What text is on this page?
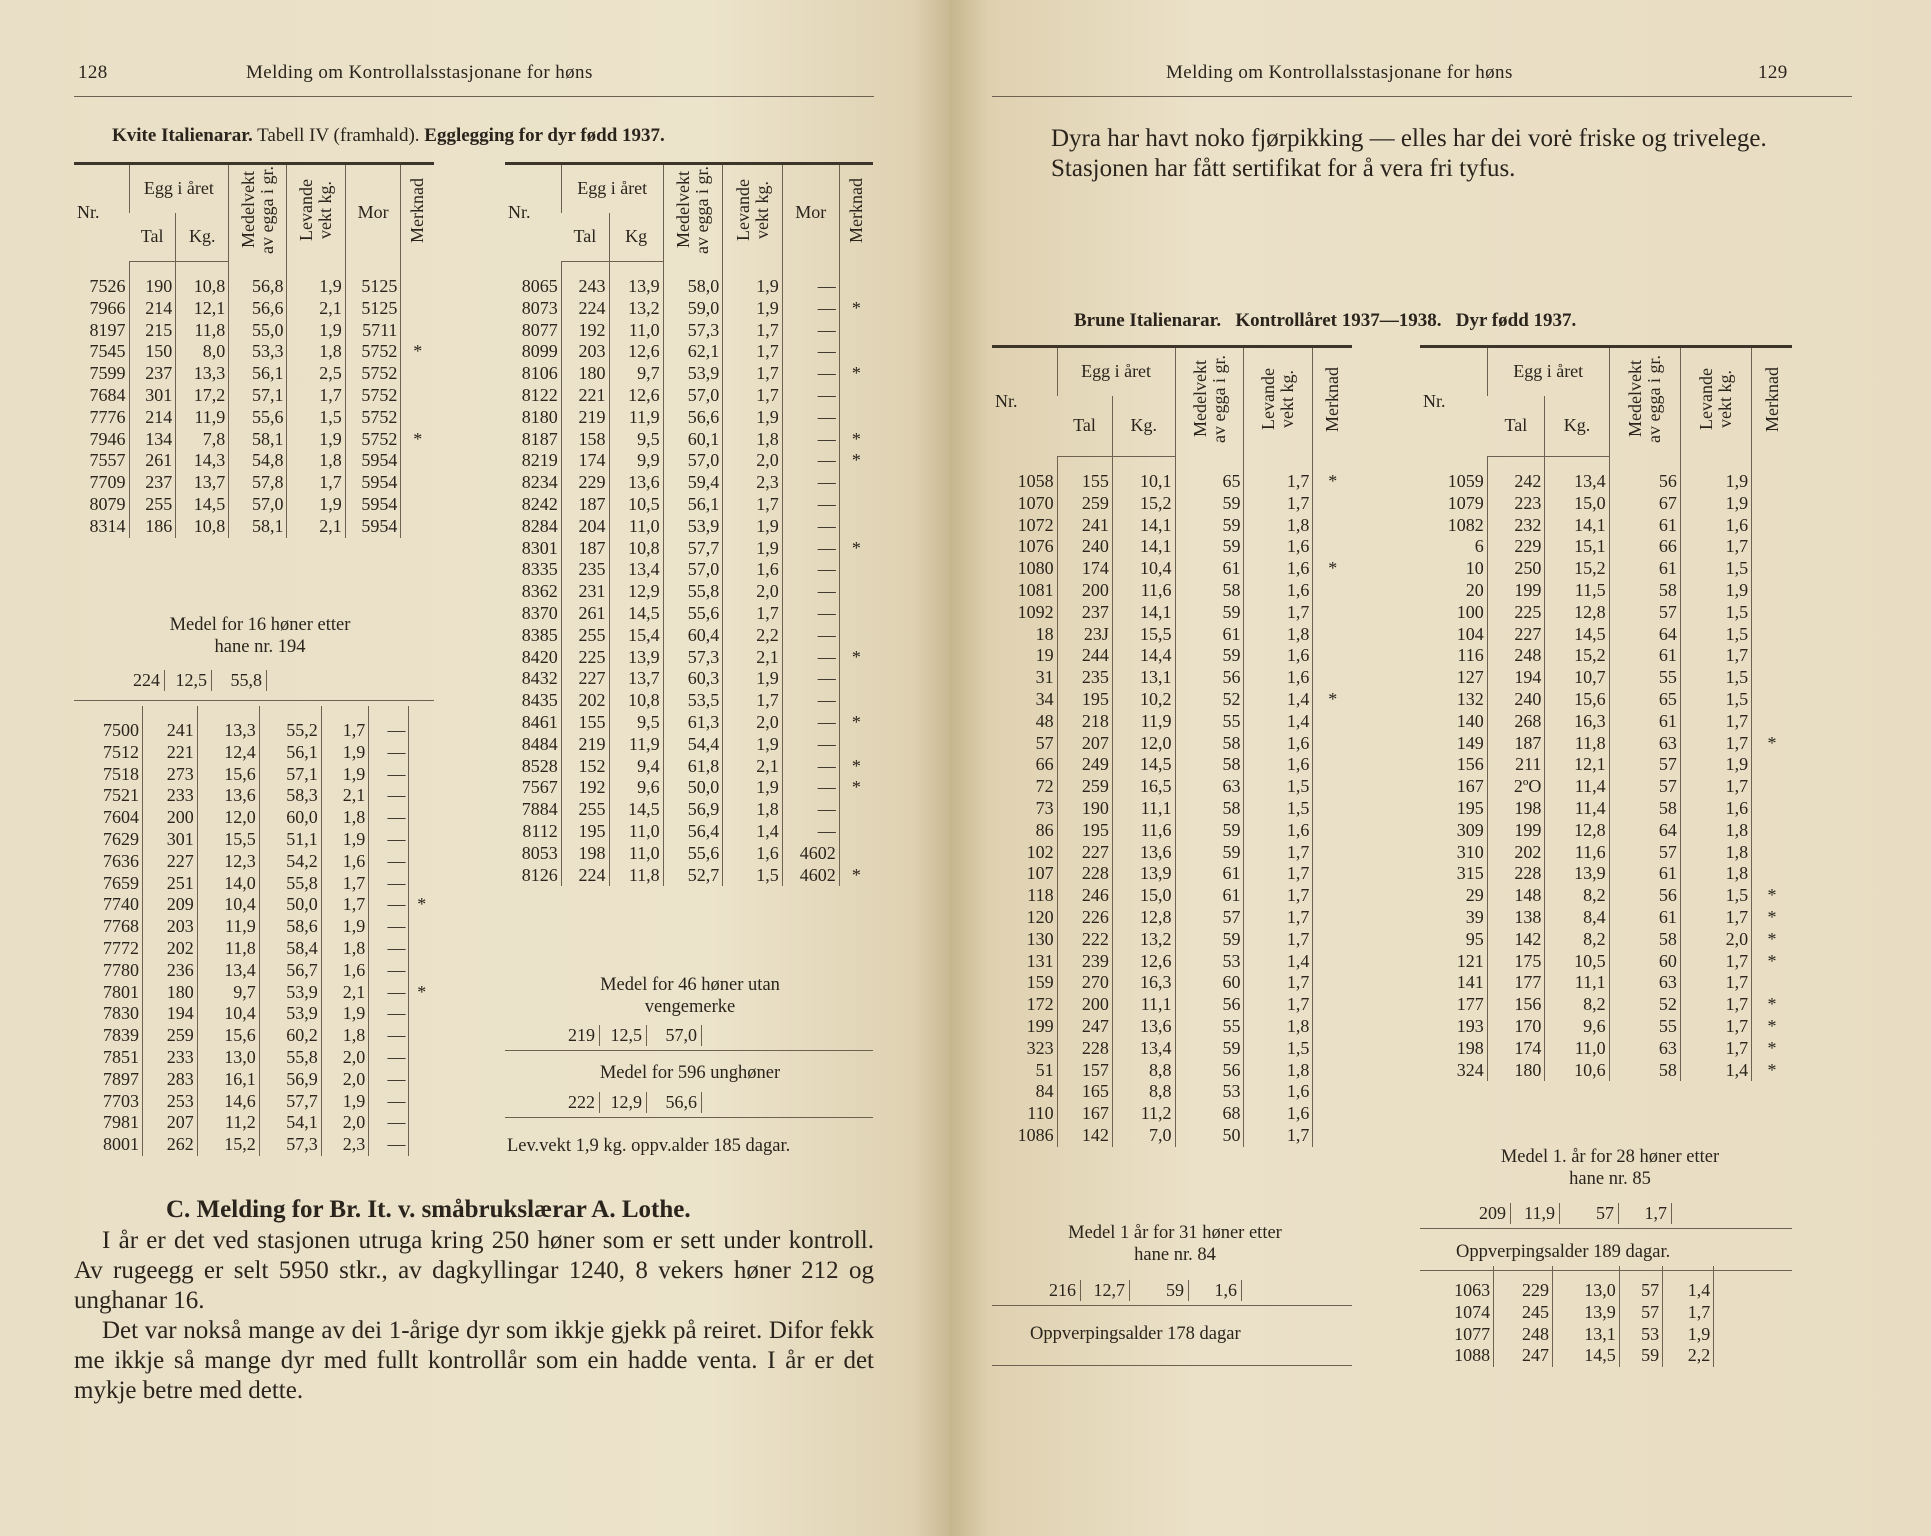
128	Melding om Kontrollalsstasjonane for høns
Kvite Italienarar. Tabell IV (framhald). Egglegging for dyr fødd 1937.
Nr.	Egg i året		Medelvekt
av egga i gr.	Levande
vekt kg.	Mor	Merknad
	Tal	Kg.				
7526	190	10,8	56,8	1,9	5125	
7966	214	12,1	56,6	2,1	5125	
8197	215	11,8	55,0	1,9	5711	
7545	150	8,0	53,3	1,8	5752	*
7599	237	13,3	56,1	2,5	5752	
7684	301	17,2	57,1	1,7	5752	
7776	214	11,9	55,6	1,5	5752	
7946	134	7,8	58,1	1,9	5752	*
7557	261	14,3	54,8	1,8	5954	
7709	237	13,7	57,8	1,7	5954	
8079	255	14,5	57,0	1,9	5954	
8314	186	10,8	58,1	2,1	5954	
Medel for 16 høner etter
hane nr. 194
224 12,5 55,8
7500	241	13,3	55,2	1,7	—	
7512	221	12,4	56,1	1,9	—	
7518	273	15,6	57,1	1,9	—	
7521	233	13,6	58,3	2,1	—	
7604	200	12,0	60,0	1,8	—	
7629	301	15,5	51,1	1,9	—	
7636	227	12,3	54,2	1,6	—	
7659	251	14,0	55,8	1,7	—	
7740	209	10,4	50,0	1,7	—	*
7768	203	11,9	58,6	1,9	—	
7772	202	11,8	58,4	1,8	—	
7780	236	13,4	56,7	1,6	—	
7801	180	9,7	53,9	2,1	—	*
7830	194	10,4	53,9	1,9	—	
7839	259	15,6	60,2	1,8	—	
7851	233	13,0	55,8	2,0	—	
7897	283	16,1	56,9	2,0	—	
7703	253	14,6	57,7	1,9	—	
7981	207	11,2	54,1	2,0	—	
8001	262	15,2	57,3	2,3	—	
Nr.	Egg i året		Medelvekt
av egga i gr.	Levande
vekt kg.	Mor	Merknad
	Tal	Kg				
8065	243	13,9	58,0	1,9	—	
8073	224	13,2	59,0	1,9	—	*
8077	192	11,0	57,3	1,7	—	
8099	203	12,6	62,1	1,7	—	
8106	180	9,7	53,9	1,7	—	*
8122	221	12,6	57,0	1,7	—	
8180	219	11,9	56,6	1,9	—	
8187	158	9,5	60,1	1,8	—	*
8219	174	9,9	57,0	2,0	—	*
8234	229	13,6	59,4	2,3	—	
8242	187	10,5	56,1	1,7	—	
8284	204	11,0	53,9	1,9	—	
8301	187	10,8	57,7	1,9	—	*
8335	235	13,4	57,0	1,6	—	
8362	231	12,9	55,8	2,0	—	
8370	261	14,5	55,6	1,7	—	
8385	255	15,4	60,4	2,2	—	
8420	225	13,9	57,3	2,1	—	*
8432	227	13,7	60,3	1,9	—	
8435	202	10,8	53,5	1,7	—	
8461	155	9,5	61,3	2,0	—	*
8484	219	11,9	54,4	1,9	—	
8528	152	9,4	61,8	2,1	—	*
7567	192	9,6	50,0	1,9	—	*
7884	255	14,5	56,9	1,8	—	
8112	195	11,0	56,4	1,4	—	
8053	198	11,0	55,6	1,6	4602	
8126	224	11,8	52,7	1,5	4602	*
Medel for 46 høner utan
vengemerke
219 12,5 57,0
Medel for 596 unghøner
222 12,9 56,6
Lev.vekt 1,9 kg. oppv.alder 185 dagar.
C. Melding for Br. It. v. småbrukslærar A. Lothe.

I år er det ved stasjonen utruga kring 250 høner som er sett under kontroll. Av rugeegg er selt 5950 stkr., av dagkyllingar 1240, 8 vekers høner 212 og unghanar 16.

Det var nokså mange av dei 1-årige dyr som ikkje gjekk på reiret. Difor fekk me ikkje så mange dyr med fullt kontrollår som ein hadde venta. I år er det mykje betre med dette.

Melding om Kontrollalsstasjonane for høns	129

Dyra har havt noko fjørpikking — elles har dei vorė friske og trivelege.

Stasjonen har fått sertifikat for å vera fri tyfus.

Brune Italienarar. Kontrollåret 1937—1938. Dyr fødd 1937.
Nr.	Egg i året		Medelvekt
av egga i gr.	Levande
vekt kg.	Merknad
	Tal	Kg.			
1058	155	10,1	65	1,7	*
1070	259	15,2	59	1,7	
1072	241	14,1	59	1,8	
1076	240	14,1	59	1,6	
1080	174	10,4	61	1,6	*
1081	200	11,6	58	1,6	
1092	237	14,1	59	1,7	
18	23J	15,5	61	1,8	
19	244	14,4	59	1,6	
31	235	13,1	56	1,6	
34	195	10,2	52	1,4	*
48	218	11,9	55	1,4	
57	207	12,0	58	1,6	
66	249	14,5	58	1,6	
72	259	16,5	63	1,5	
73	190	11,1	58	1,5	
86	195	11,6	59	1,6	
102	227	13,6	59	1,7	
107	228	13,9	61	1,7	
118	246	15,0	61	1,7	
120	226	12,8	57	1,7	
130	222	13,2	59	1,7	
131	239	12,6	53	1,4	
159	270	16,3	60	1,7	
172	200	11,1	56	1,7	
199	247	13,6	55	1,8	
323	228	13,4	59	1,5	
51	157	8,8	56	1,8	
84	165	8,8	53	1,6	
110	167	11,2	68	1,6	
1086	142	7,0	50	1,7	
Medel 1 år for 31 høner etter
hane nr. 84
216 12,7 59 1,6
Oppverpingsalder 178 dagar
Nr.	Egg i året		Medelvekt
av egga i gr.	Levande
vekt kg.	Merknad
	Tal	Kg.			
1059	242	13,4	56	1,9	
1079	223	15,0	67	1,9	
1082	232	14,1	61	1,6	
6	229	15,1	66	1,7	
10	250	15,2	61	1,5	
20	199	11,5	58	1,9	
100	225	12,8	57	1,5	
104	227	14,5	64	1,5	
116	248	15,2	61	1,7	
127	194	10,7	55	1,5	
132	240	15,6	65	1,5	
140	268	16,3	61	1,7	
149	187	11,8	63	1,7	*
156	211	12,1	57	1,9	
167	2ºO	11,4	57	1,7	
195	198	11,4	58	1,6	
309	199	12,8	64	1,8	
310	202	11,6	57	1,8	
315	228	13,9	61	1,8	
29	148	8,2	56	1,5	*
39	138	8,4	61	1,7	*
95	142	8,2	58	2,0	*
121	175	10,5	60	1,7	*
141	177	11,1	63	1,7	
177	156	8,2	52	1,7	*
193	170	9,6	55	1,7	*
198	174	11,0	63	1,7	*
324	180	10,6	58	1,4	*
Medel 1. år for 28 høner etter
hane nr. 85
209 11,9 57 1,7
Oppverpingsalder 189 dagar.
1063	229	13,0	57	1,4	
1074	245	13,9	57	1,7	
1077	248	13,1	53	1,9	
1088	247	14,5	59	2,2	
